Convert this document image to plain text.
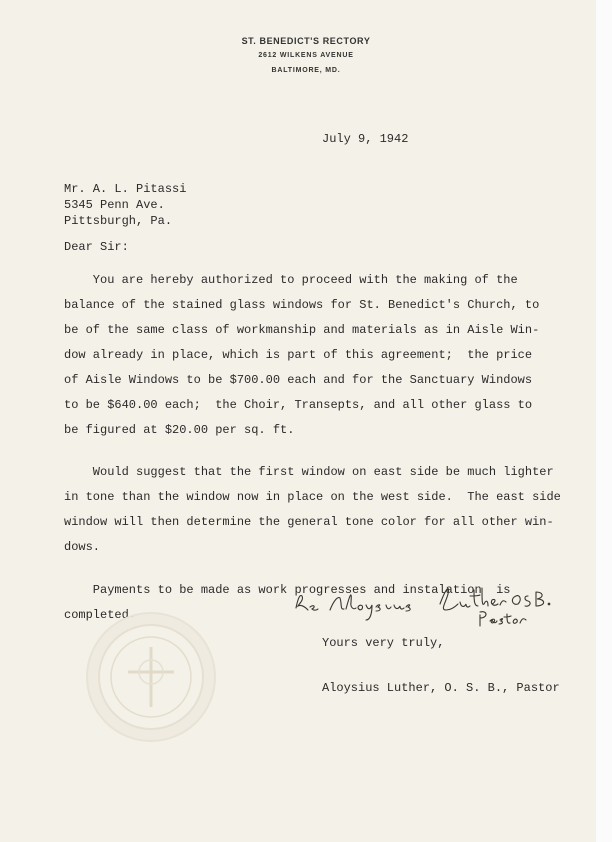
ST. BENEDICT'S RECTORY
2612 WILKENS AVENUE
BALTIMORE, MD.
July 9, 1942
Mr. A. L. Pitassi
5345 Penn Ave.
Pittsburgh, Pa.
Dear Sir:
You are hereby authorized to proceed with the making of the
balance of the stained glass windows for St. Benedict's Church, to
be of the same class of workmanship and materials as in Aisle Win-
dow already in place, which is part of this agreement;  the price
of Aisle Windows to be $700.00 each and for the Sanctuary Windows
to be $640.00 each;  the Choir, Transepts, and all other glass to
be figured at $20.00 per sq. ft.
Would suggest that the first window on east side be much lighter
in tone than the window now in place on the west side.  The east side
window will then determine the general tone color for all other win-
dows.
Payments to be made as work progresses and instalation  is
completed.
Yours very truly,
Aloysius Luther, O. S. B., Pastor
